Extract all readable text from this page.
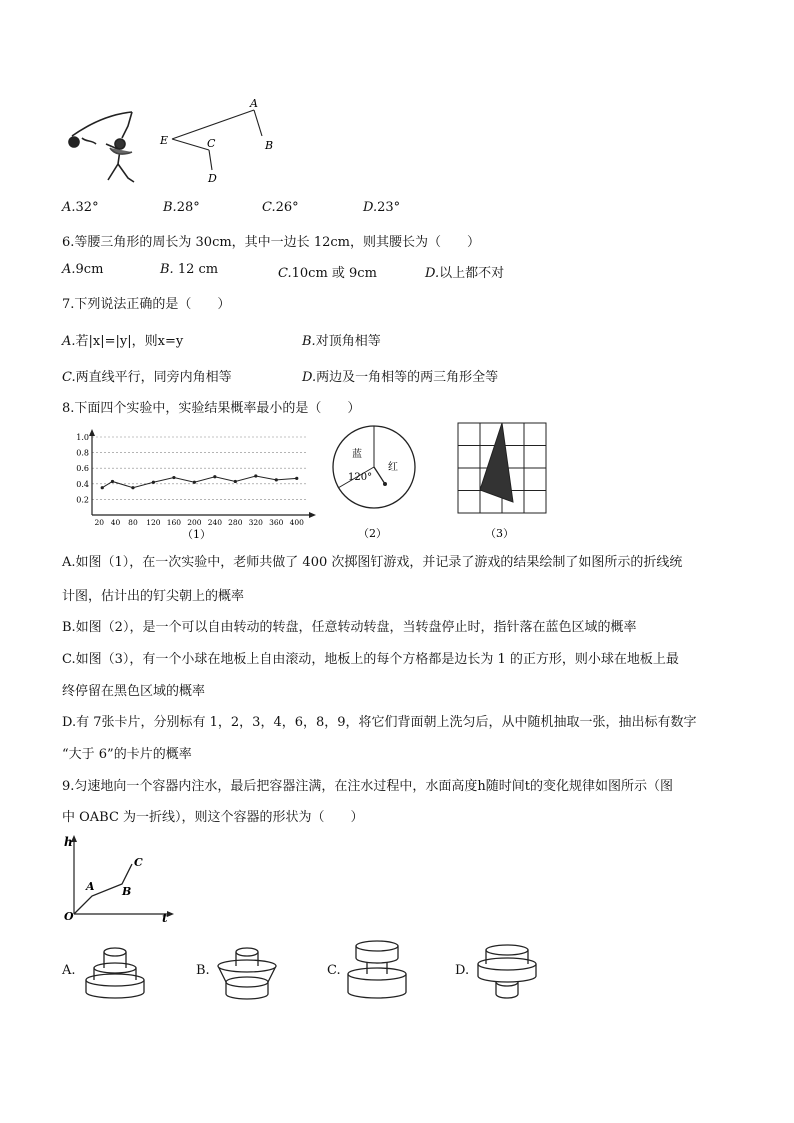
A
B
C
D
E
A.32°	B.28°	C.26°	D.23°
6.等腰三角形的周长为 30cm，其中一边长 12cm，则其腰长为（　　）
A.9cm	B. 12 cm	C.10cm 或 9cm	D.以上都不对
7.下列说法正确的是（　　）
A.若|x|=|y|，则x=y	B.对顶角相等
C.两直线平行，同旁内角相等	D.两边及一角相等的两三角形全等
8.下面四个实验中，实验结果概率最小的是（　　）
0.2
0.4
0.6
0.8
1.0
20 40 80 120 160 200 240 280 320 360 400
（1）
蓝
红
120°
（2）	（3）
A.如图（1），在一次实验中，老师共做了 400 次掷图钉游戏，并记录了游戏的结果绘制了如图所示的折线统
计图，估计出的钉尖朝上的概率
B.如图（2），是一个可以自由转动的转盘，任意转动转盘，当转盘停止时，指针落在蓝色区域的概率
C.如图（3），有一个小球在地板上自由滚动，地板上的每个方格都是边长为 1 的正方形，则小球在地板上最
终停留在黑色区域的概率
D.有 7张卡片，分别标有 1，2，3，4，6，8，9，将它们背面朝上洗匀后，从中随机抽取一张，抽出标有数字
“大于 6”的卡片的概率
9.匀速地向一个容器内注水，最后把容器注满，在注水过程中，水面高度h随时间t的变化规律如图所示（图
中 OABC 为一折线），则这个容器的形状为（　　）
h
t
O
A B
C
A.	B.	C.	D.
